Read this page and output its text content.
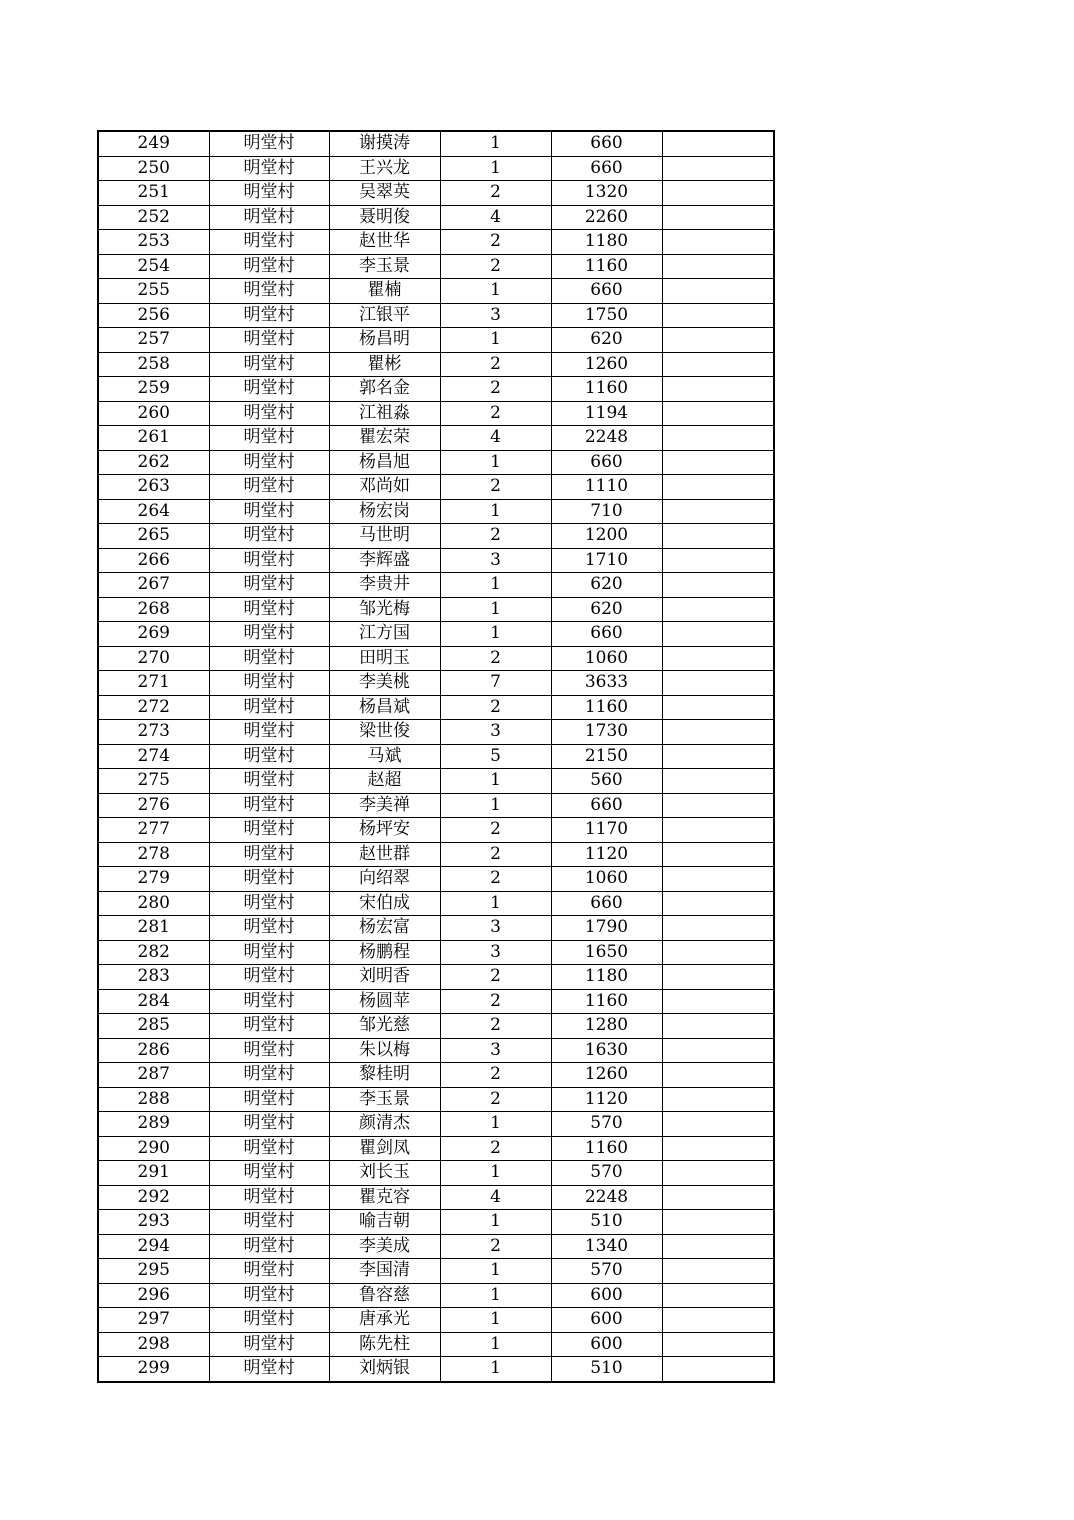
249	明堂村	谢摸涛	1	660	
250	明堂村	王兴龙	1	660	
251	明堂村	吴翠英	2	1320	
252	明堂村	聂明俊	4	2260	
253	明堂村	赵世华	2	1180	
254	明堂村	李玉景	2	1160	
255	明堂村	瞿楠	1	660	
256	明堂村	江银平	3	1750	
257	明堂村	杨昌明	1	620	
258	明堂村	瞿彬	2	1260	
259	明堂村	郭名金	2	1160	
260	明堂村	江祖淼	2	1194	
261	明堂村	瞿宏荣	4	2248	
262	明堂村	杨昌旭	1	660	
263	明堂村	邓尚如	2	1110	
264	明堂村	杨宏岗	1	710	
265	明堂村	马世明	2	1200	
266	明堂村	李辉盛	3	1710	
267	明堂村	李贵井	1	620	
268	明堂村	邹光梅	1	620	
269	明堂村	江方国	1	660	
270	明堂村	田明玉	2	1060	
271	明堂村	李美桃	7	3633	
272	明堂村	杨昌斌	2	1160	
273	明堂村	梁世俊	3	1730	
274	明堂村	马斌	5	2150	
275	明堂村	赵超	1	560	
276	明堂村	李美禅	1	660	
277	明堂村	杨坪安	2	1170	
278	明堂村	赵世群	2	1120	
279	明堂村	向绍翠	2	1060	
280	明堂村	宋伯成	1	660	
281	明堂村	杨宏富	3	1790	
282	明堂村	杨鹏程	3	1650	
283	明堂村	刘明香	2	1180	
284	明堂村	杨圆苹	2	1160	
285	明堂村	邹光慈	2	1280	
286	明堂村	朱以梅	3	1630	
287	明堂村	黎桂明	2	1260	
288	明堂村	李玉景	2	1120	
289	明堂村	颜清杰	1	570	
290	明堂村	瞿剑凤	2	1160	
291	明堂村	刘长玉	1	570	
292	明堂村	瞿克容	4	2248	
293	明堂村	喻吉朝	1	510	
294	明堂村	李美成	2	1340	
295	明堂村	李国清	1	570	
296	明堂村	鲁容慈	1	600	
297	明堂村	唐承光	1	600	
298	明堂村	陈先柱	1	600	
299	明堂村	刘炳银	1	510	
